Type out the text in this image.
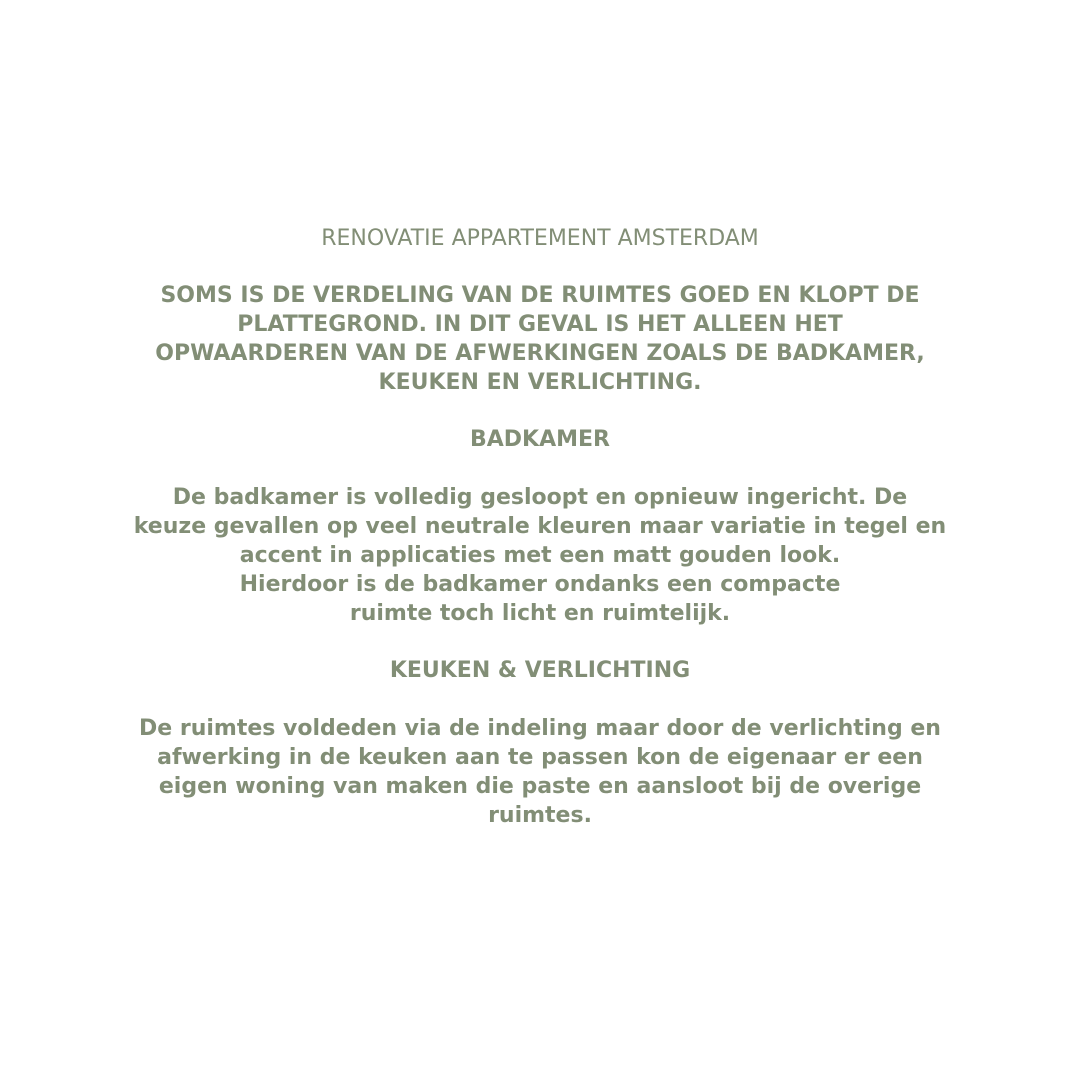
RENOVATIE APPARTEMENT AMSTERDAM

SOMS IS DE VERDELING VAN DE RUIMTES GOED EN KLOPT DE
PLATTEGROND. IN DIT GEVAL IS HET ALLEEN HET
OPWAARDEREN VAN DE AFWERKINGEN ZOALS DE BADKAMER,
KEUKEN EN VERLICHTING.

BADKAMER

De badkamer is volledig gesloopt en opnieuw ingericht. De
keuze gevallen op veel neutrale kleuren maar variatie in tegel en
accent in applicaties met een matt gouden look.
Hierdoor is de badkamer ondanks een compacte
ruimte toch licht en ruimtelijk.

KEUKEN & VERLICHTING

De ruimtes voldeden via de indeling maar door de verlichting en
afwerking in de keuken aan te passen kon de eigenaar er een
eigen woning van maken die paste en aansloot bij de overige
ruimtes.
